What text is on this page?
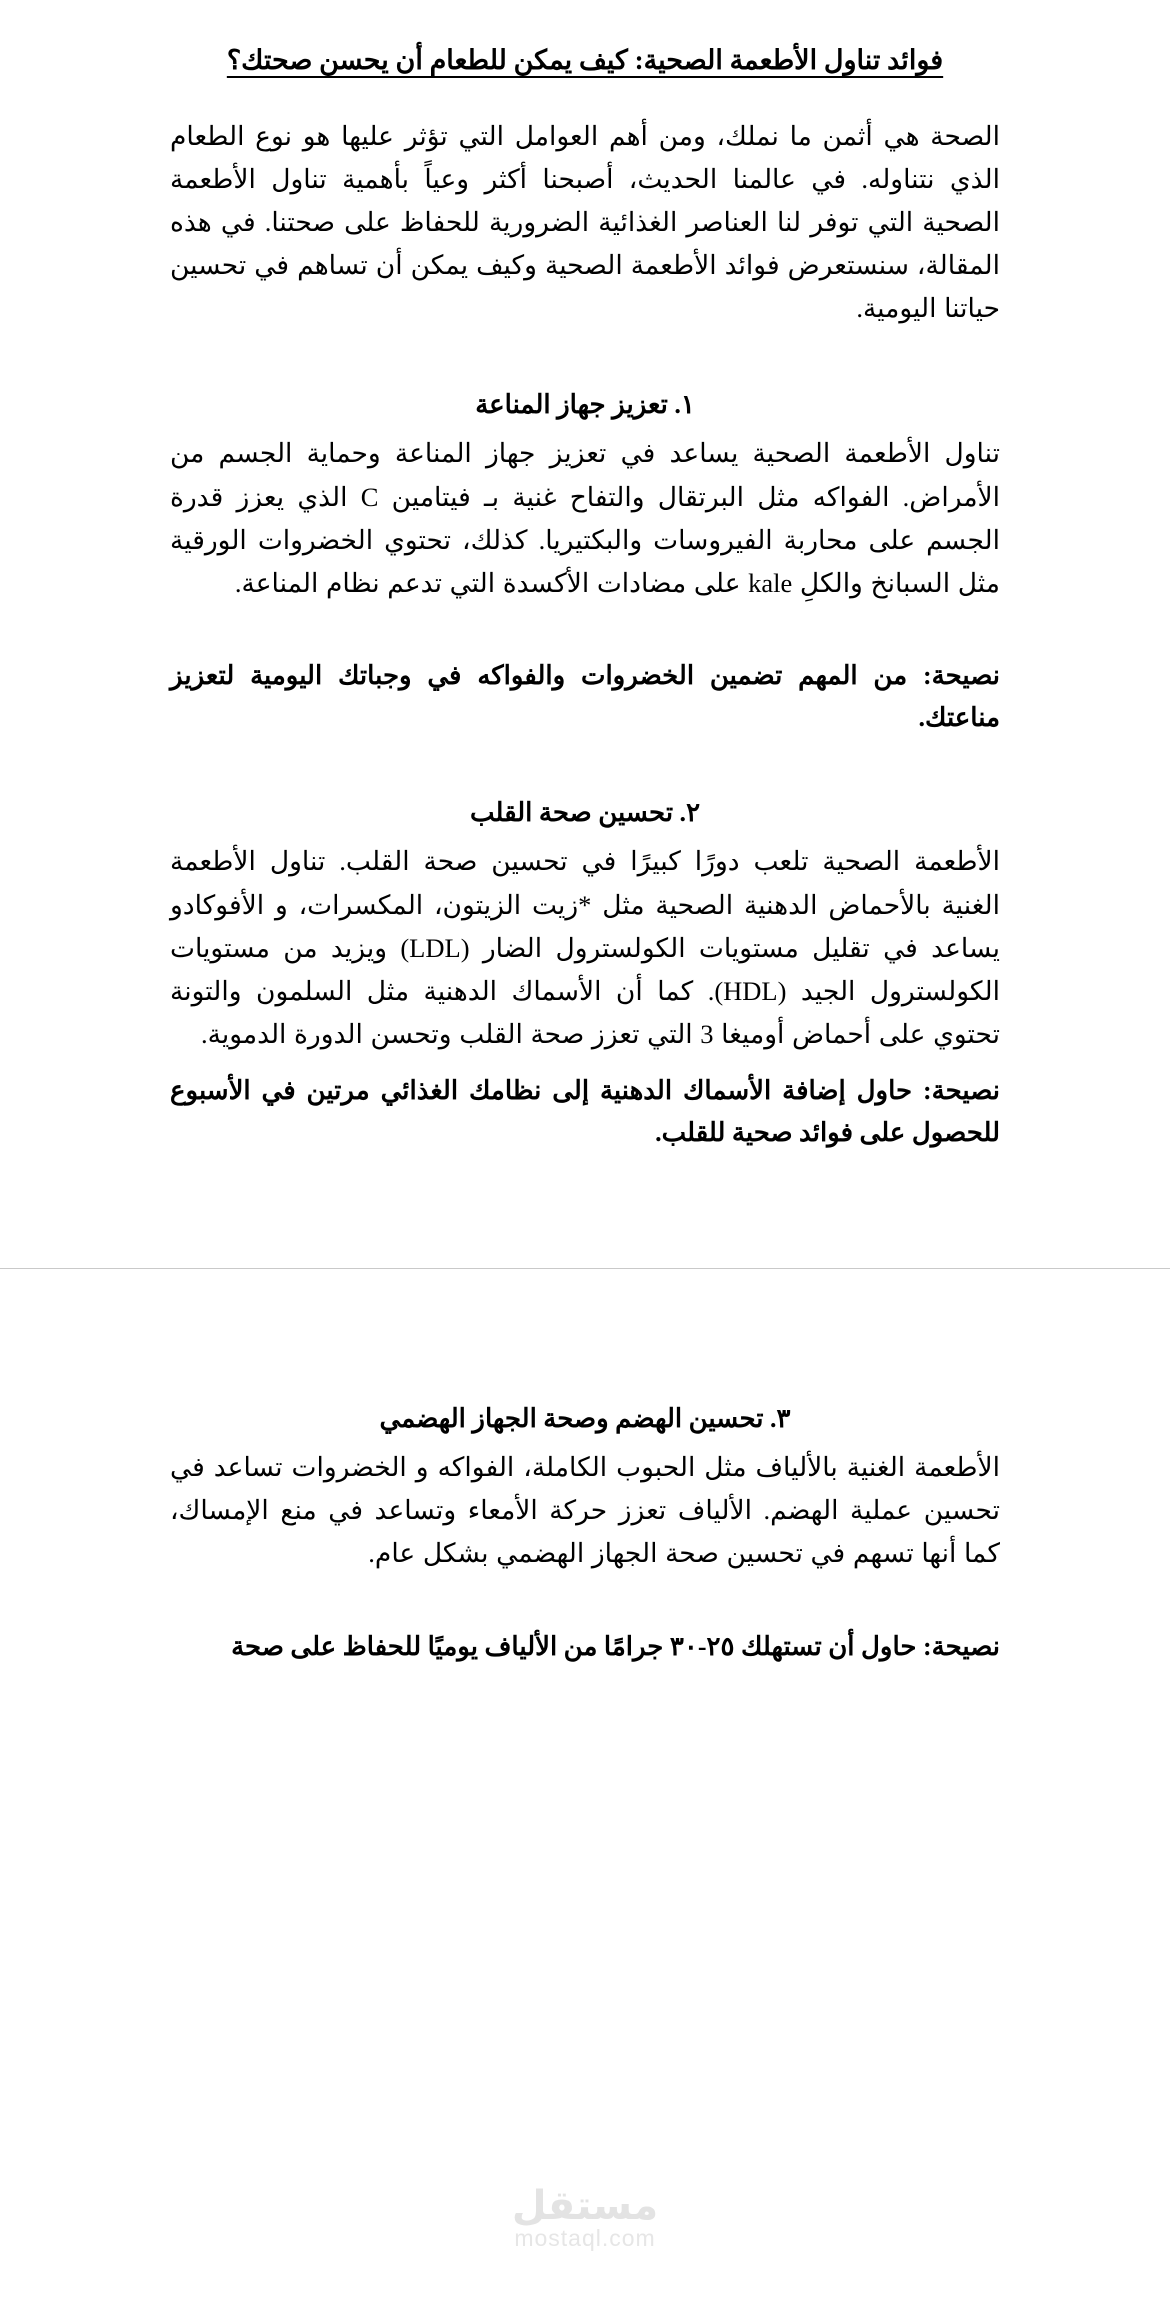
فوائد تناول الأطعمة الصحية: كيف يمكن للطعام أن يحسن صحتك؟

الصحة هي أثمن ما نملك، ومن أهم العوامل التي تؤثر عليها هو نوع الطعام الذي نتناوله. في عالمنا الحديث، أصبحنا أكثر وعياً بأهمية تناول الأطعمة الصحية التي توفر لنا العناصر الغذائية الضرورية للحفاظ على صحتنا. في هذه المقالة، سنستعرض فوائد الأطعمة الصحية وكيف يمكن أن تساهم في تحسين حياتنا اليومية.

١. تعزيز جهاز المناعة

تناول الأطعمة الصحية يساعد في تعزيز جهاز المناعة وحماية الجسم من الأمراض. الفواكه مثل البرتقال والتفاح غنية بـ فيتامين C الذي يعزز قدرة الجسم على محاربة الفيروسات والبكتيريا. كذلك، تحتوي الخضروات الورقية مثل السبانخ والكلِ kale على مضادات الأكسدة التي تدعم نظام المناعة.

نصيحة: من المهم تضمين الخضروات والفواكه في وجباتك اليومية لتعزيز مناعتك.

٢. تحسين صحة القلب

الأطعمة الصحية تلعب دورًا كبيرًا في تحسين صحة القلب. تناول الأطعمة الغنية بالأحماض الدهنية الصحية مثل *زيت الزيتون، المكسرات، و الأفوكادو يساعد في تقليل مستويات الكولسترول الضار (LDL) ويزيد من مستويات الكولسترول الجيد (HDL). كما أن الأسماك الدهنية مثل السلمون والتونة تحتوي على أحماض أوميغا 3 التي تعزز صحة القلب وتحسن الدورة الدموية.

نصيحة: حاول إضافة الأسماك الدهنية إلى نظامك الغذائي مرتين في الأسبوع للحصول على فوائد صحية للقلب.

٣. تحسين الهضم وصحة الجهاز الهضمي

الأطعمة الغنية بالألياف مثل الحبوب الكاملة، الفواكه و الخضروات تساعد في تحسين عملية الهضم. الألياف تعزز حركة الأمعاء وتساعد في منع الإمساك، كما أنها تسهم في تحسين صحة الجهاز الهضمي بشكل عام.

نصيحة: حاول أن تستهلك ٢٥-٣٠ جرامًا من الألياف يوميًا للحفاظ على صحة

مستقل
mostaql.com
